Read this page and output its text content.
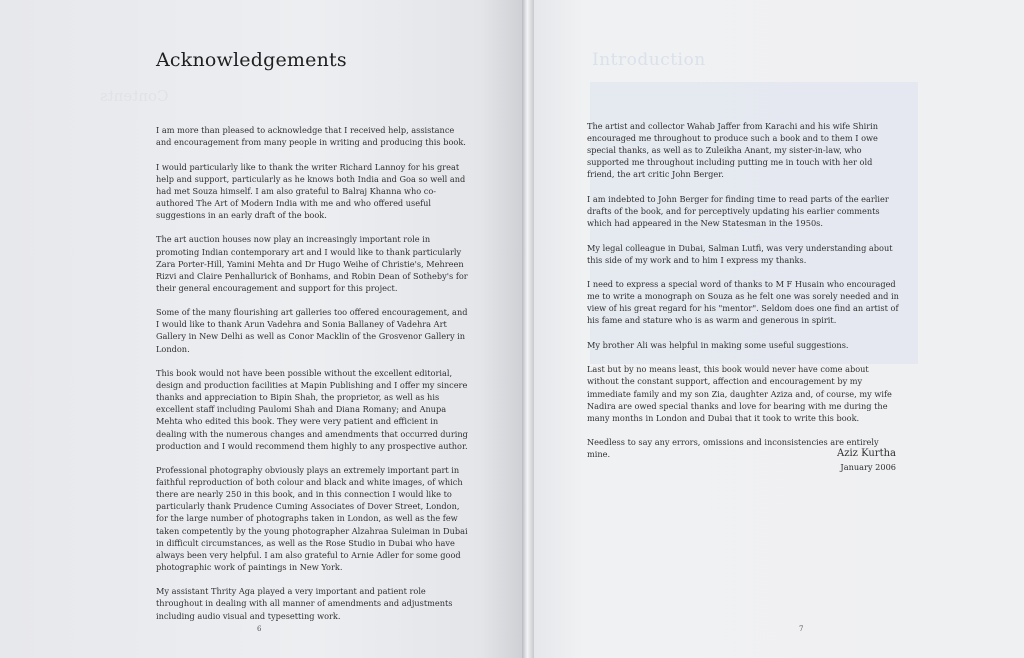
Contents
Acknowledgements

I am more than pleased to acknowledge that I received help, assistance and encouragement from many people in writing and producing this book.

I would particularly like to thank the writer Richard Lannoy for his great help and support, particularly as he knows both India and Goa so well and had met Souza himself. I am also grateful to Balraj Khanna who co-authored The Art of Modern India with me and who offered useful suggestions in an early draft of the book.

The art auction houses now play an increasingly important role in promoting Indian contemporary art and I would like to thank particularly Zara Porter-Hill, Yamini Mehta and Dr Hugo Weihe of Christie's, Mehreen Rizvi and Claire Penhallurick of Bonhams, and Robin Dean of Sotheby's for their general encouragement and support for this project.

Some of the many flourishing art galleries too offered encouragement, and I would like to thank Arun Vadehra and Sonia Ballaney of Vadehra Art Gallery in New Delhi as well as Conor Macklin of the Grosvenor Gallery in London.

This book would not have been possible without the excellent editorial, design and production facilities at Mapin Publishing and I offer my sincere thanks and appreciation to Bipin Shah, the proprietor, as well as his excellent staff including Paulomi Shah and Diana Romany; and Anupa Mehta who edited this book. They were very patient and efficient in dealing with the numerous changes and amendments that occurred during production and I would recommend them highly to any prospective author.

Professional photography obviously plays an extremely important part in faithful reproduction of both colour and black and white images, of which there are nearly 250 in this book, and in this connection I would like to particularly thank Prudence Cuming Associates of Dover Street, London, for the large number of photographs taken in London, as well as the few taken competently by the young photographer Alzahraa Suleiman in Dubai in difficult circumstances, as well as the Rose Studio in Dubai who have always been very helpful. I am also grateful to Arnie Adler for some good photographic work of paintings in New York.

My assistant Thrity Aga played a very important and patient role throughout in dealing with all manner of amendments and adjustments including audio visual and typesetting work.

6
Introduction

The artist and collector Wahab Jaffer from Karachi and his wife Shirin encouraged me throughout to produce such a book and to them I owe special thanks, as well as to Zuleikha Anant, my sister-in-law, who supported me throughout including putting me in touch with her old friend, the art critic John Berger.

I am indebted to John Berger for finding time to read parts of the earlier drafts of the book, and for perceptively updating his earlier comments which had appeared in the New Statesman in the 1950s.

My legal colleague in Dubai, Salman Lutfi, was very understanding about this side of my work and to him I express my thanks.

I need to express a special word of thanks to M F Husain who encouraged me to write a monograph on Souza as he felt one was sorely needed and in view of his great regard for his "mentor". Seldom does one find an artist of his fame and stature who is as warm and generous in spirit.

My brother Ali was helpful in making some useful suggestions.

Last but by no means least, this book would never have come about without the constant support, affection and encouragement by my immediate family and my son Zia, daughter Aziza and, of course, my wife Nadira are owed special thanks and love for bearing with me during the many months in London and Dubai that it took to write this book.

Needless to say any errors, omissions and inconsistencies are entirely mine.	Aziz Kurtha
January 2006
7
